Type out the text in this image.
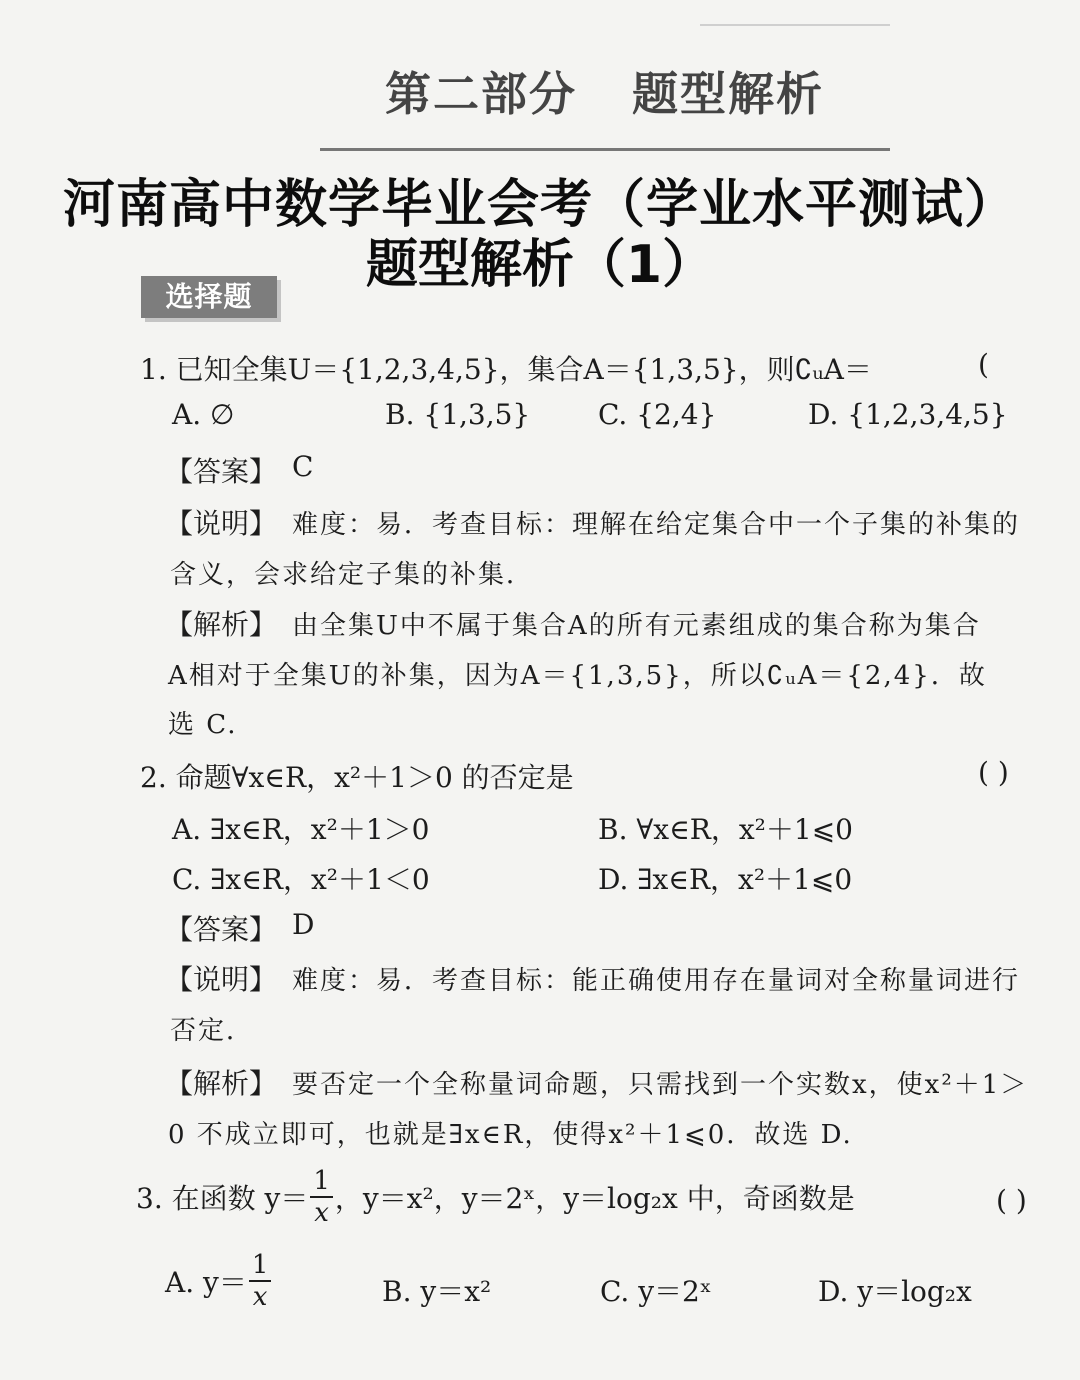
第二部分 题型解析
河南高中数学毕业会考（学业水平测试）
题型解析（1）
选择题
1. 已知全集U＝{1,2,3,4,5}，集合A＝{1,3,5}，则∁ᵤA＝	(
A. ∅	B. {1,3,5} C. {2,4}	D. {1,2,3,4,5}
【答案】 C
【说明】 难度：易．考查目标：理解在给定集合中一个子集的补集的
含义，会求给定子集的补集．
【解析】 由全集U中不属于集合A的所有元素组成的集合称为集合
A相对于全集U的补集，因为A＝{1,3,5}，所以∁ᵤA＝{2,4}．故
选 C.
2. 命题∀x∈R，x²＋1＞0 的否定是	( )
A. ∃x∈R，x²＋1＞0	B. ∀x∈R，x²＋1⩽0
C. ∃x∈R，x²＋1＜0	D. ∃x∈R，x²＋1⩽0
【答案】 D
【说明】 难度：易．考查目标：能正确使用存在量词对全称量词进行
否定．
【解析】 要否定一个全称量词命题，只需找到一个实数x，使x²＋1＞
0 不成立即可，也就是∃x∈R，使得x²＋1⩽0．故选 D.
3. 在函数 $y= \frac{1}{x}$ ，y＝x²，y＝2ˣ，y＝log₂x 中，奇函数是	( )
A. $y= \frac{1}{x}$	B. y＝x²	C. y＝2ˣ	D. y＝log₂x
